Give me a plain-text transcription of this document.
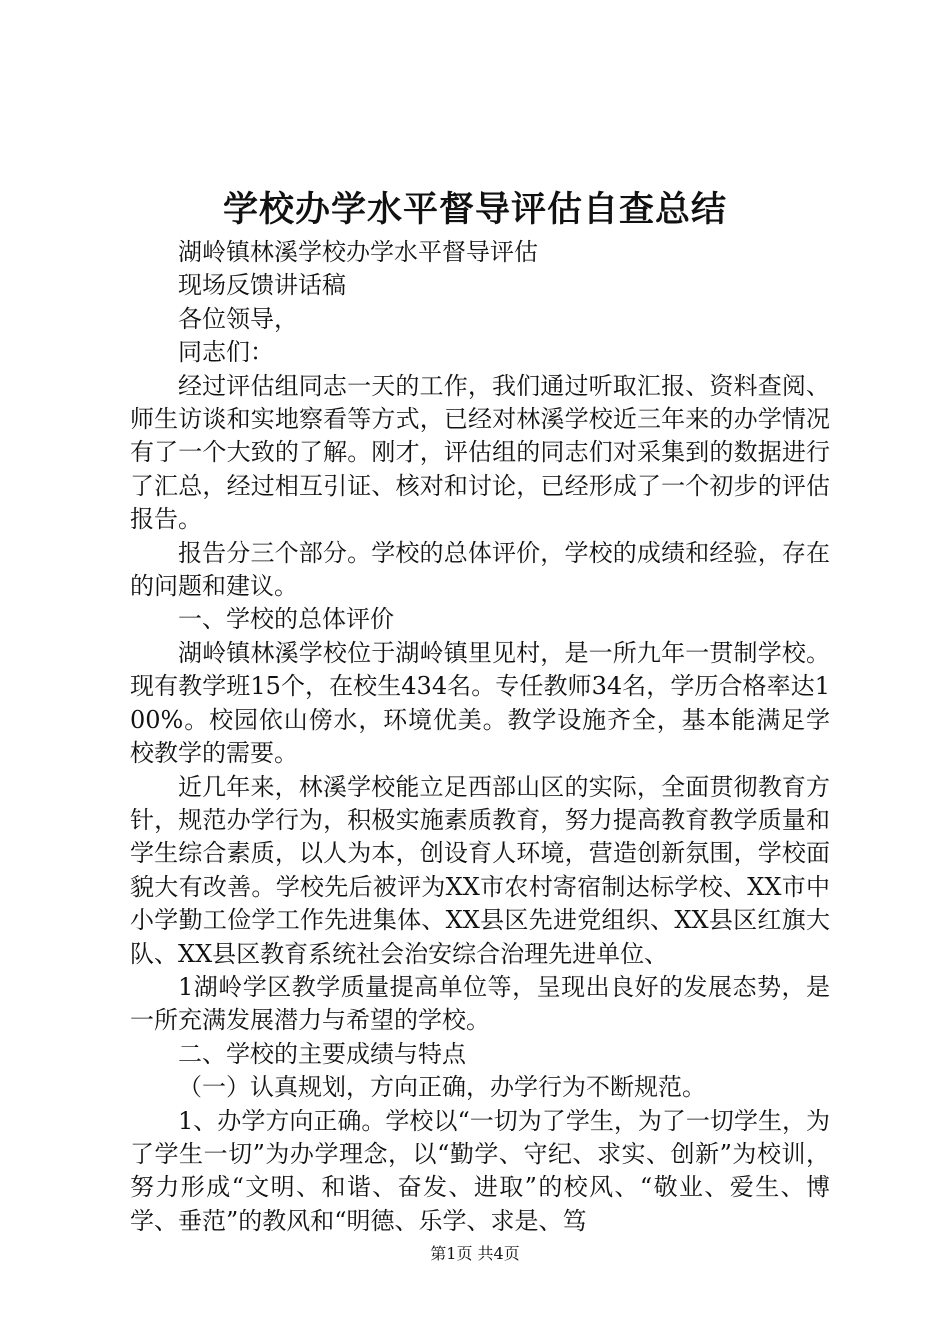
学校办学水平督导评估自查总结

湖岭镇林溪学校办学水平督导评估

现场反馈讲话稿

各位领导，

同志们：

经过评估组同志一天的工作，我们通过听取汇报、资料查阅、师生访谈和实地察看等方式，已经对林溪学校近三年来的办学情况有了一个大致的了解。刚才，评估组的同志们对采集到的数据进行了汇总，经过相互引证、核对和讨论，已经形成了一个初步的评估报告。

报告分三个部分。学校的总体评价，学校的成绩和经验，存在的问题和建议。

一、学校的总体评价

湖岭镇林溪学校位于湖岭镇里见村，是一所九年一贯制学校。现有教学班15个，在校生434名。专任教师34名，学历合格率达100%。校园依山傍水，环境优美。教学设施齐全，基本能满足学校教学的需要。

近几年来，林溪学校能立足西部山区的实际，全面贯彻教育方针，规范办学行为，积极实施素质教育，努力提高教育教学质量和学生综合素质，以人为本，创设育人环境，营造创新氛围，学校面貌大有改善。学校先后被评为XX市农村寄宿制达标学校、XX市中小学勤工俭学工作先进集体、XX县区先进党组织、XX县区红旗大队、XX县区教育系统社会治安综合治理先进单位、

1湖岭学区教学质量提高单位等，呈现出良好的发展态势，是一所充满发展潜力与希望的学校。

二、学校的主要成绩与特点

（一）认真规划，方向正确，办学行为不断规范。

1、办学方向正确。学校以“一切为了学生，为了一切学生，为了学生一切”为办学理念，以“勤学、守纪、求实、创新”为校训，努力形成“文明、和谐、奋发、进取”的校风、“敬业、爱生、博学、垂范”的教风和“明德、乐学、求是、笃

第1页 共4页
